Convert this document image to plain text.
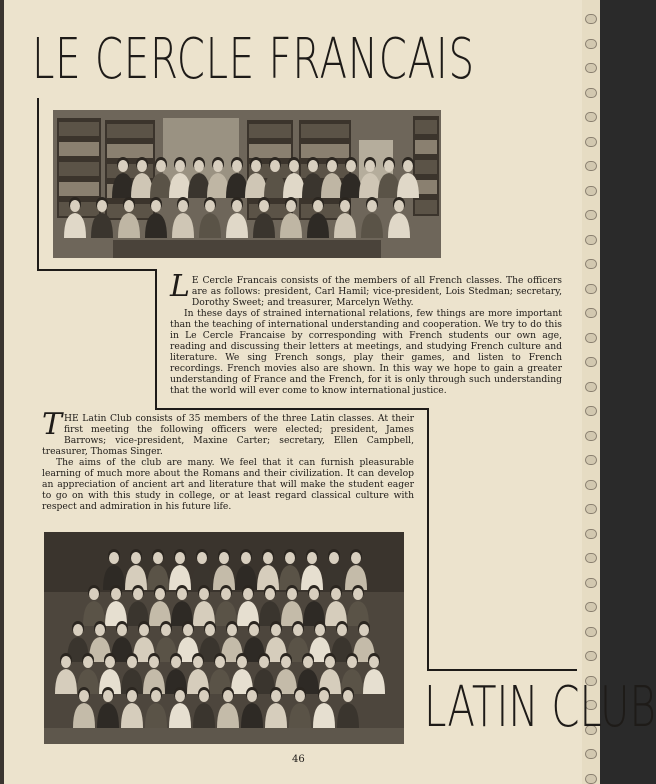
LE CERCLE FRANCAIS

L E Cercle Francais consists of the members of all French classes. The officers are as follows: president, Carl Hamil; vice-president, Lois Stedman; secretary, Dorothy Sweet; and treasurer, Marcelyn Wethy.

In these days of strained international relations, few things are more important than the teaching of international understanding and cooperation. We try to do this in Le Cercle Francaise by corresponding with French students our own age, reading and discussing their letters at meetings, and studying French culture and literature. We sing French songs, play their games, and listen to French recordings. French movies also are shown. In this way we hope to gain a greater understanding of France and the French, for it is only through such understanding that the world will ever come to know international justice.

THE Latin Club consists of 35 members of the three Latin classes. At their first meeting the following officers were elected; president, James Barrows; vice-president, Maxine Carter; secretary, Ellen Campbell, treasurer, Thomas Singer.

The aims of the club are many. We feel that it can furnish pleasurable learning of much more about the Romans and their civilization. It can develop an appreciation of ancient art and literature that will make the student eager to go on with this study in college, or at least regard classical culture with respect and admiration in his future life.

LATIN CLUB
46
